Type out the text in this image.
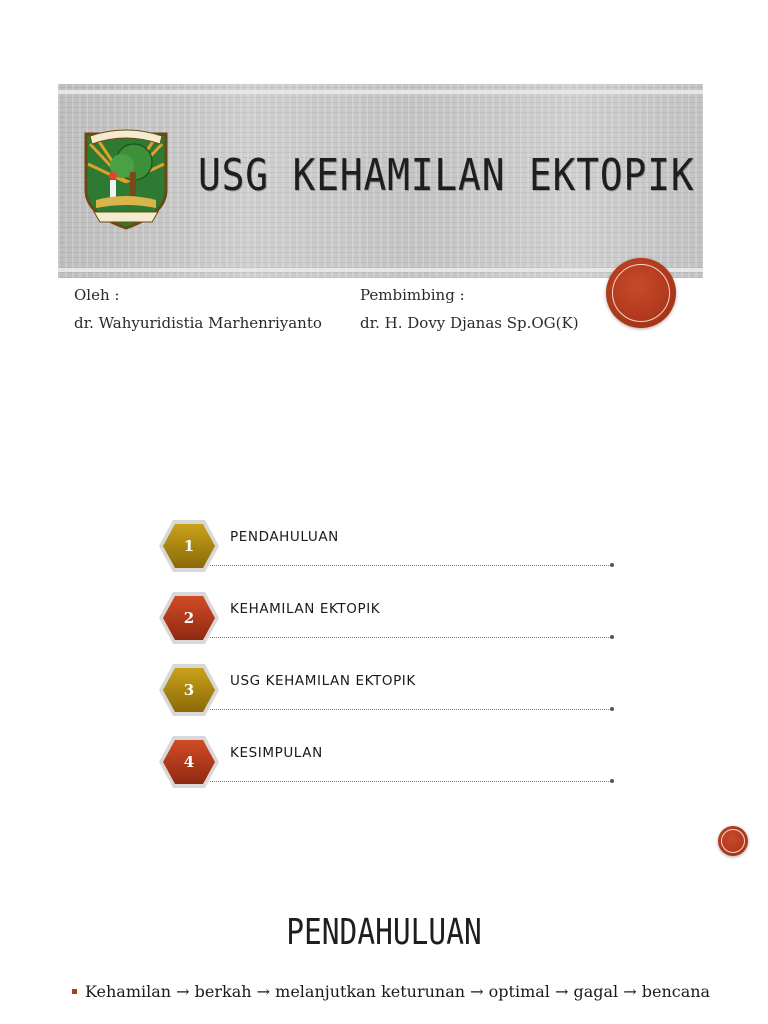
USG KEHAMILAN EKTOPIK
Oleh :
dr. Wahyuridistia Marhenriyanto
Pembimbing :
dr. H. Dovy Djanas Sp.OG(K)
1	PENDAHULUAN
2	KEHAMILAN EKTOPIK
3	USG KEHAMILAN EKTOPIK
4	KESIMPULAN
PENDAHULUAN
Kehamilan → berkah → melanjutkan keturunan → optimal → gagal → bencana
